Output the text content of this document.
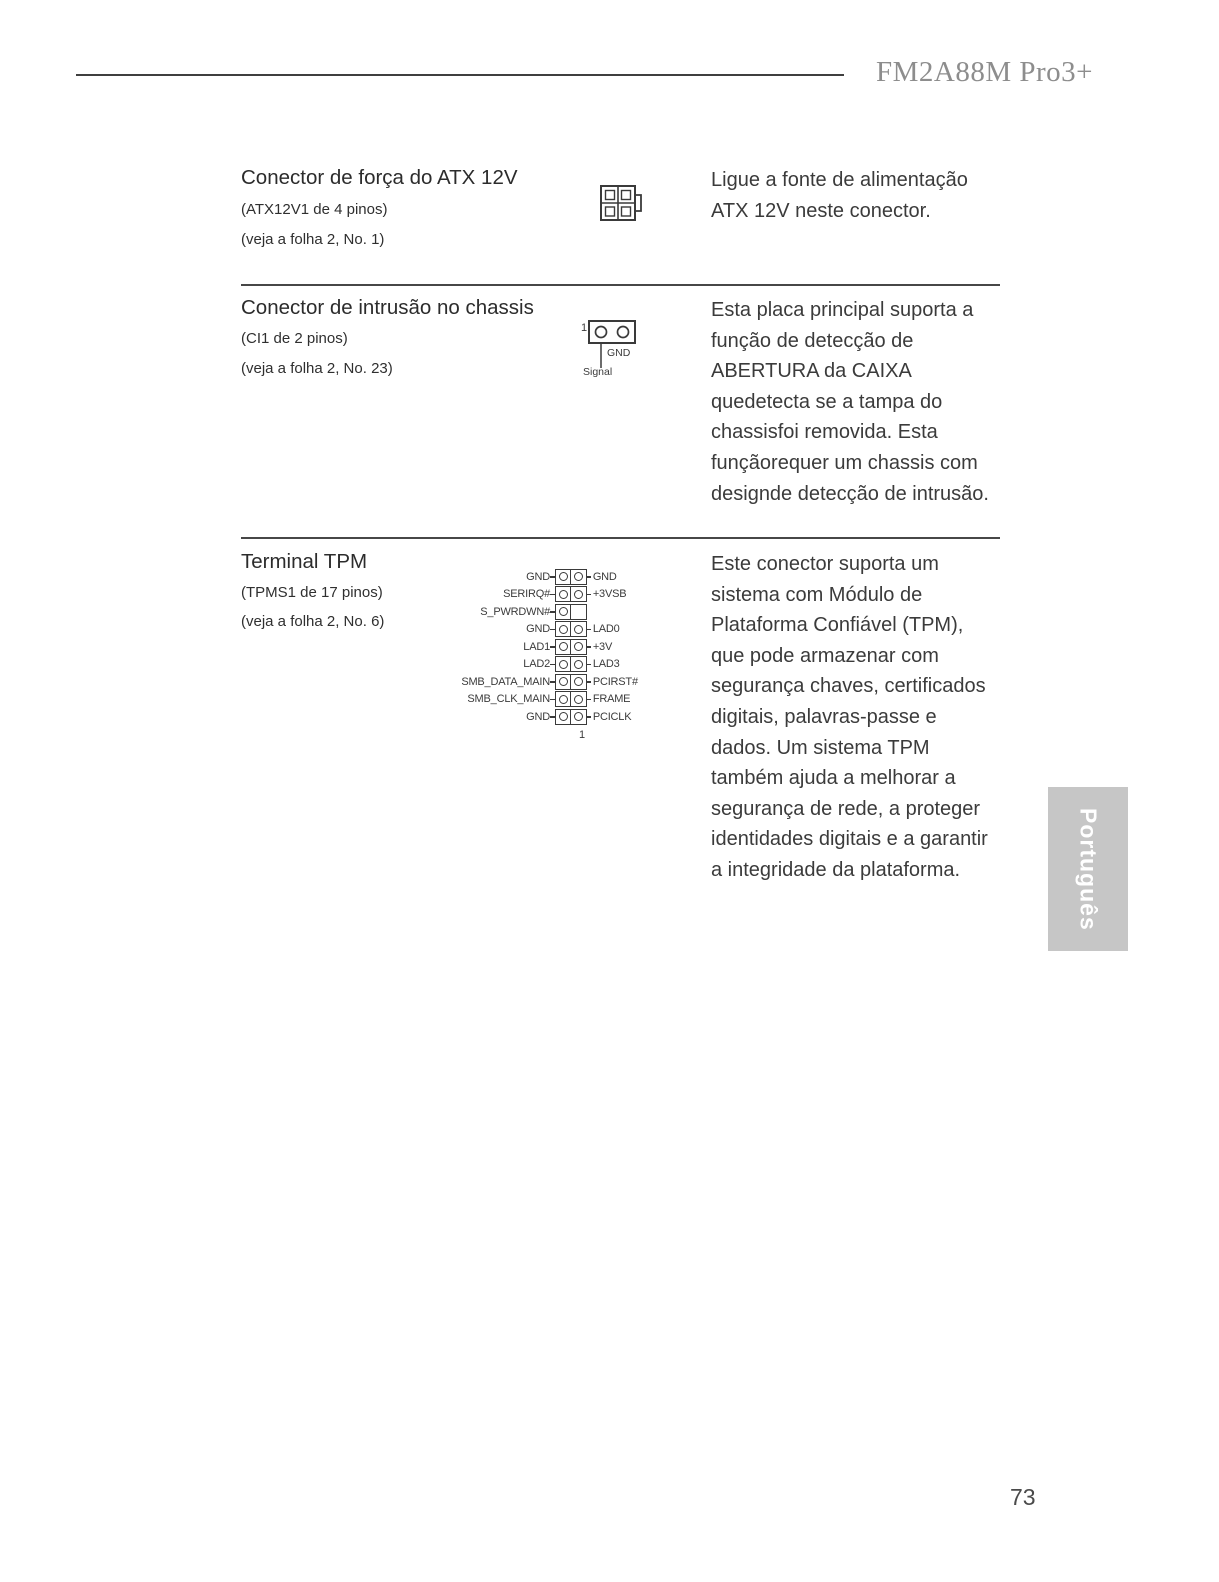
FM2A88M Pro3+
Conector de força do ATX 12V
(ATX12V1 de 4 pinos)
(veja a folha 2, No. 1)
Ligue a fonte de alimentação ATX 12V neste conector.
Conector de intrusão no chassis
(CI1 de 2 pinos)
(veja a folha 2, No. 23)
1
GND
Signal
Esta placa principal suporta a função de detecção de ABERTURA da CAIXA quedetecta se a tampa do chassisfoi removida. Esta funçãorequer um chassis com designde detecção de intrusão.
Terminal TPM
(TPMS1 de 17 pinos)
(veja a folha 2, No. 6)
GND	GND
SERIRQ#	+3VSB
S_PWRDWN#
GND	LAD0
LAD1	+3V
LAD2	LAD3
SMB_DATA_MAIN	PCIRST#
SMB_CLK_MAIN	FRAME
GND	PCICLK
1
Este conector suporta um sistema com Módulo de Plataforma Confiável (TPM), que pode armazenar com segurança chaves, certificados digitais, palavras-passe e dados. Um sistema TPM também ajuda a melhorar a segurança de rede, a proteger identidades digitais e a garantir a integridade da plataforma.	Português
73
